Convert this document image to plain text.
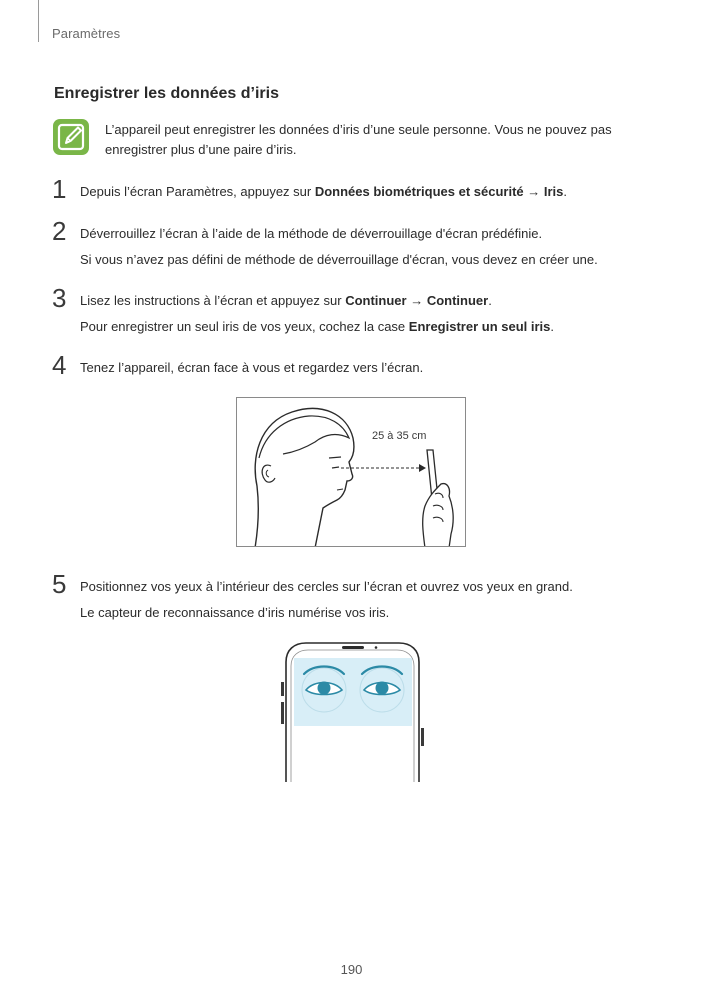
Paramètres
Enregistrer les données d’iris
L’appareil peut enregistrer les données d’iris d’une seule personne. Vous ne pouvez pas
enregistrer plus d’une paire d’iris.
1 Depuis l’écran Paramètres, appuyez sur Données biométriques et sécurité → Iris.
2 Déverrouillez l’écran à l’aide de la méthode de déverrouillage d'écran prédéfinie.
Si vous n’avez pas défini de méthode de déverrouillage d'écran, vous devez en créer une.
3 Lisez les instructions à l’écran et appuyez sur Continuer → Continuer.
Pour enregistrer un seul iris de vos yeux, cochez la case Enregistrer un seul iris.
4 Tenez l’appareil, écran face à vous et regardez vers l’écran.
25 à 35 cm
5 Positionnez vos yeux à l’intérieur des cercles sur l’écran et ouvrez vos yeux en grand.
Le capteur de reconnaissance d’iris numérise vos iris.
190
